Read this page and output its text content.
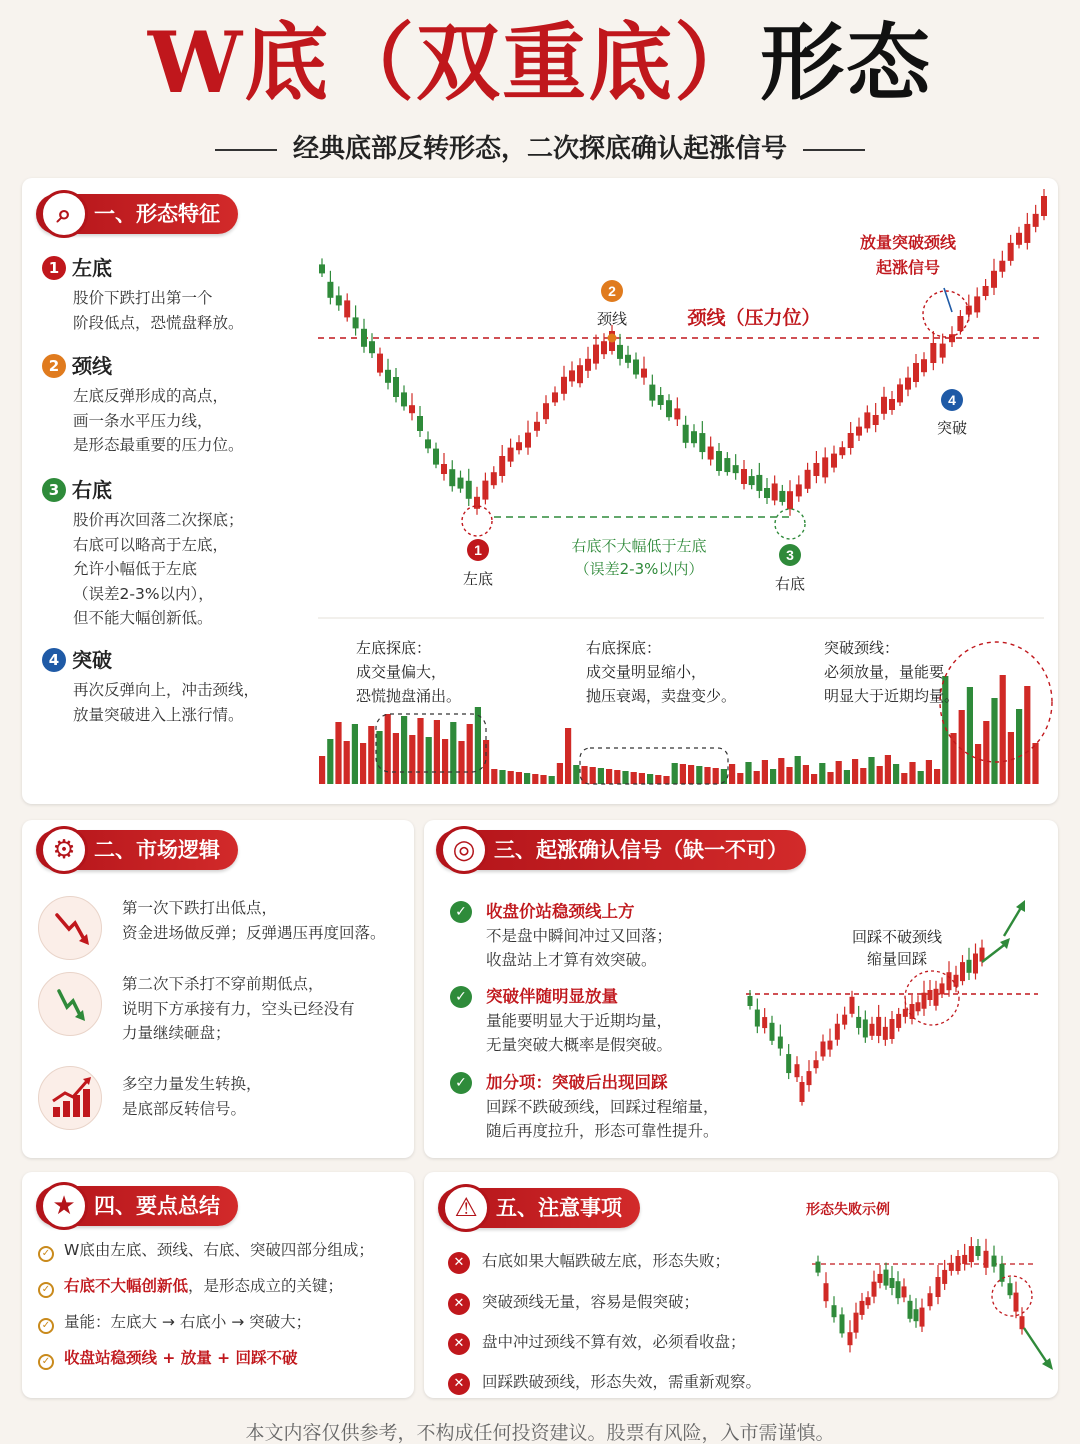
W底（双重底）形态
经典底部反转形态，二次探底确认起涨信号
⌕	一、形态特征
1 左底

股价下跌打出第一个

阶段低点，恐慌盘释放。

2 颈线

左底反弹形成的高点，

画一条水平压力线，

是形态最重要的压力位。

3 右底

股价再次回落二次探底；

右底可以略高于左底，

允许小幅低于左底

（误差2-3%以内），

但不能大幅创新低。

4 突破

再次反弹向上，冲击颈线，

放量突破进入上涨行情。

1
左底
2
颈线	颈线（压力位）
3
右底
4
突破
放量突破颈线
起涨信号
右底不大幅低于左底
（误差2-3%以内）
左底探底：
成交量偏大，
恐慌抛盘涌出。
右底探底：
成交量明显缩小，
抛压衰竭，卖盘变少。
突破颈线：
必须放量，量能要
明显大于近期均量。
⚙ 二、市场逻辑

第一次下跌打出低点，

资金进场做反弹；反弹遇压再度回落。

第二次下杀打不穿前期低点，

说明下方承接有力，空头已经没有

力量继续砸盘；

多空力量发生转换，

是底部反转信号。

◎ 三、起涨确认信号（缺一不可）
✓	收盘价站稳颈线上方
不是盘中瞬间冲过又回落；
收盘站上才算有效突破。
✓	突破伴随明显放量
量能要明显大于近期均量，
无量突破大概率是假突破。
✓	加分项：突破后出现回踩
回踩不跌破颈线，回踩过程缩量，
随后再度拉升，形态可靠性提升。
回踩不破颈线
缩量回踩
★ 四、要点总结
✓ W底由左底、颈线、右底、突破四部分组成；
✓ 右底不大幅创新低，是形态成立的关键；
✓ 量能：左底大 → 右底小 → 突破大；
✓ 收盘站稳颈线 + 放量 + 回踩不破
⚠ 五、注意事项
✕ 右底如果大幅跌破左底，形态失败；
✕ 突破颈线无量，容易是假突破；
✕ 盘中冲过颈线不算有效，必须看收盘；
✕ 回踩跌破颈线，形态失效，需重新观察。
形态失败示例
本文内容仅供参考，不构成任何投资建议。股票有风险，入市需谨慎。
